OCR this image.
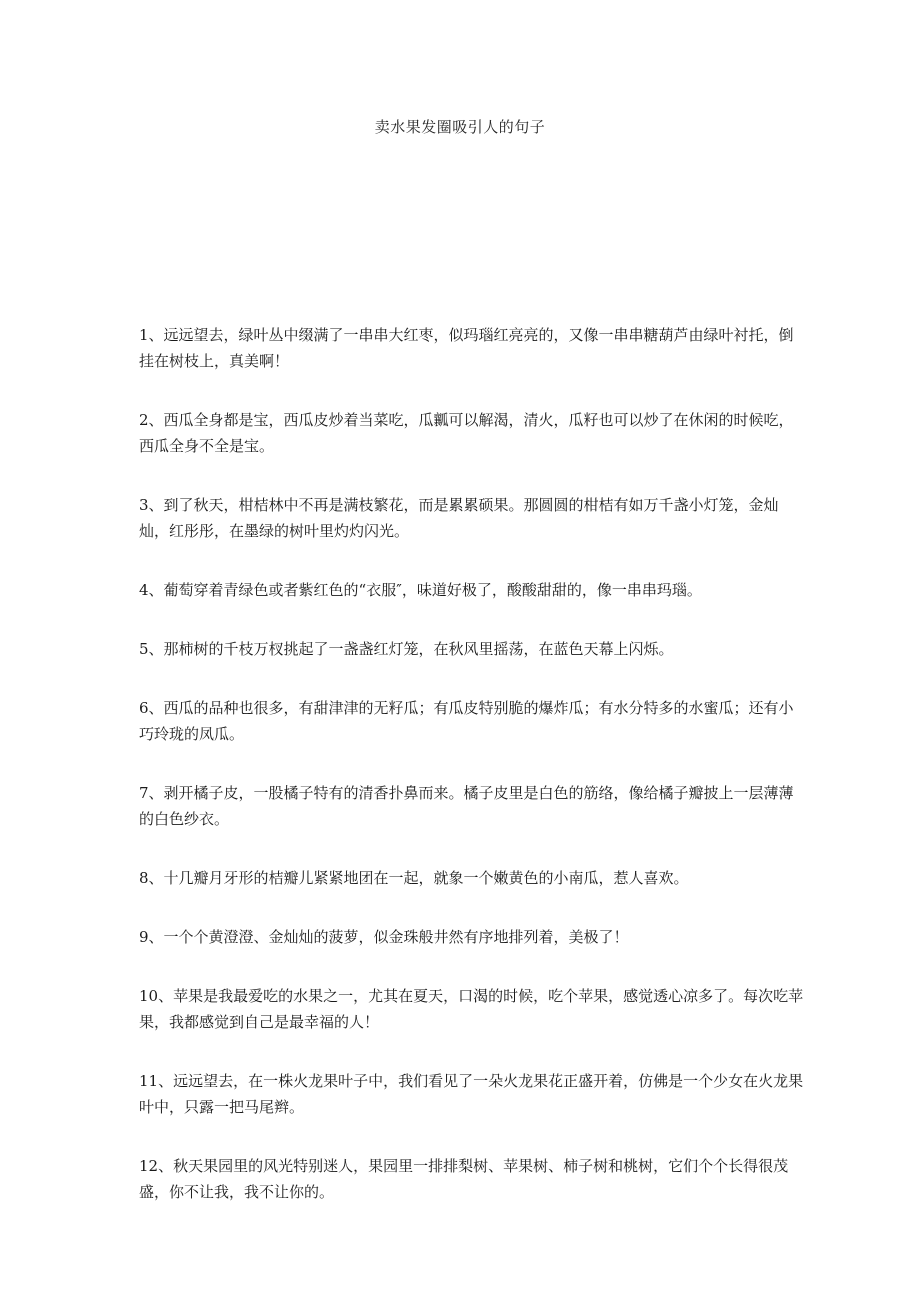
卖水果发圈吸引人的句子
1、远远望去，绿叶丛中缀满了一串串大红枣，似玛瑙红亮亮的，又像一串串糖葫芦由绿叶衬托，倒挂在树枝上，真美啊！
2、西瓜全身都是宝，西瓜皮炒着当菜吃，瓜瓤可以解渴，清火，瓜籽也可以炒了在休闲的时候吃，西瓜全身不全是宝。
3、到了秋天，柑桔林中不再是满枝繁花，而是累累硕果。那圆圆的柑桔有如万千盏小灯笼，金灿灿，红彤彤，在墨绿的树叶里灼灼闪光。
4、葡萄穿着青绿色或者紫红色的“衣服″，味道好极了，酸酸甜甜的，像一串串玛瑙。
5、那柿树的千枝万杈挑起了一盏盏红灯笼，在秋风里摇荡，在蓝色天幕上闪烁。
6、西瓜的品种也很多，有甜津津的无籽瓜；有瓜皮特别脆的爆炸瓜；有水分特多的水蜜瓜；还有小巧玲珑的凤瓜。
7、剥开橘子皮，一股橘子特有的清香扑鼻而来。橘子皮里是白色的筋络，像给橘子瓣披上一层薄薄的白色纱衣。
8、十几瓣月牙形的桔瓣儿紧紧地团在一起，就象一个嫩黄色的小南瓜，惹人喜欢。
9、一个个黄澄澄、金灿灿的菠萝，似金珠般井然有序地排列着，美极了！
10、苹果是我最爱吃的水果之一，尤其在夏天，口渴的时候，吃个苹果，感觉透心凉多了。每次吃苹果，我都感觉到自己是最幸福的人！
11、远远望去，在一株火龙果叶子中，我们看见了一朵火龙果花正盛开着，仿佛是一个少女在火龙果叶中，只露一把马尾辫。
12、秋天果园里的风光特别迷人，果园里一排排梨树、苹果树、柿子树和桃树，它们个个长得很茂盛，你不让我，我不让你的。
